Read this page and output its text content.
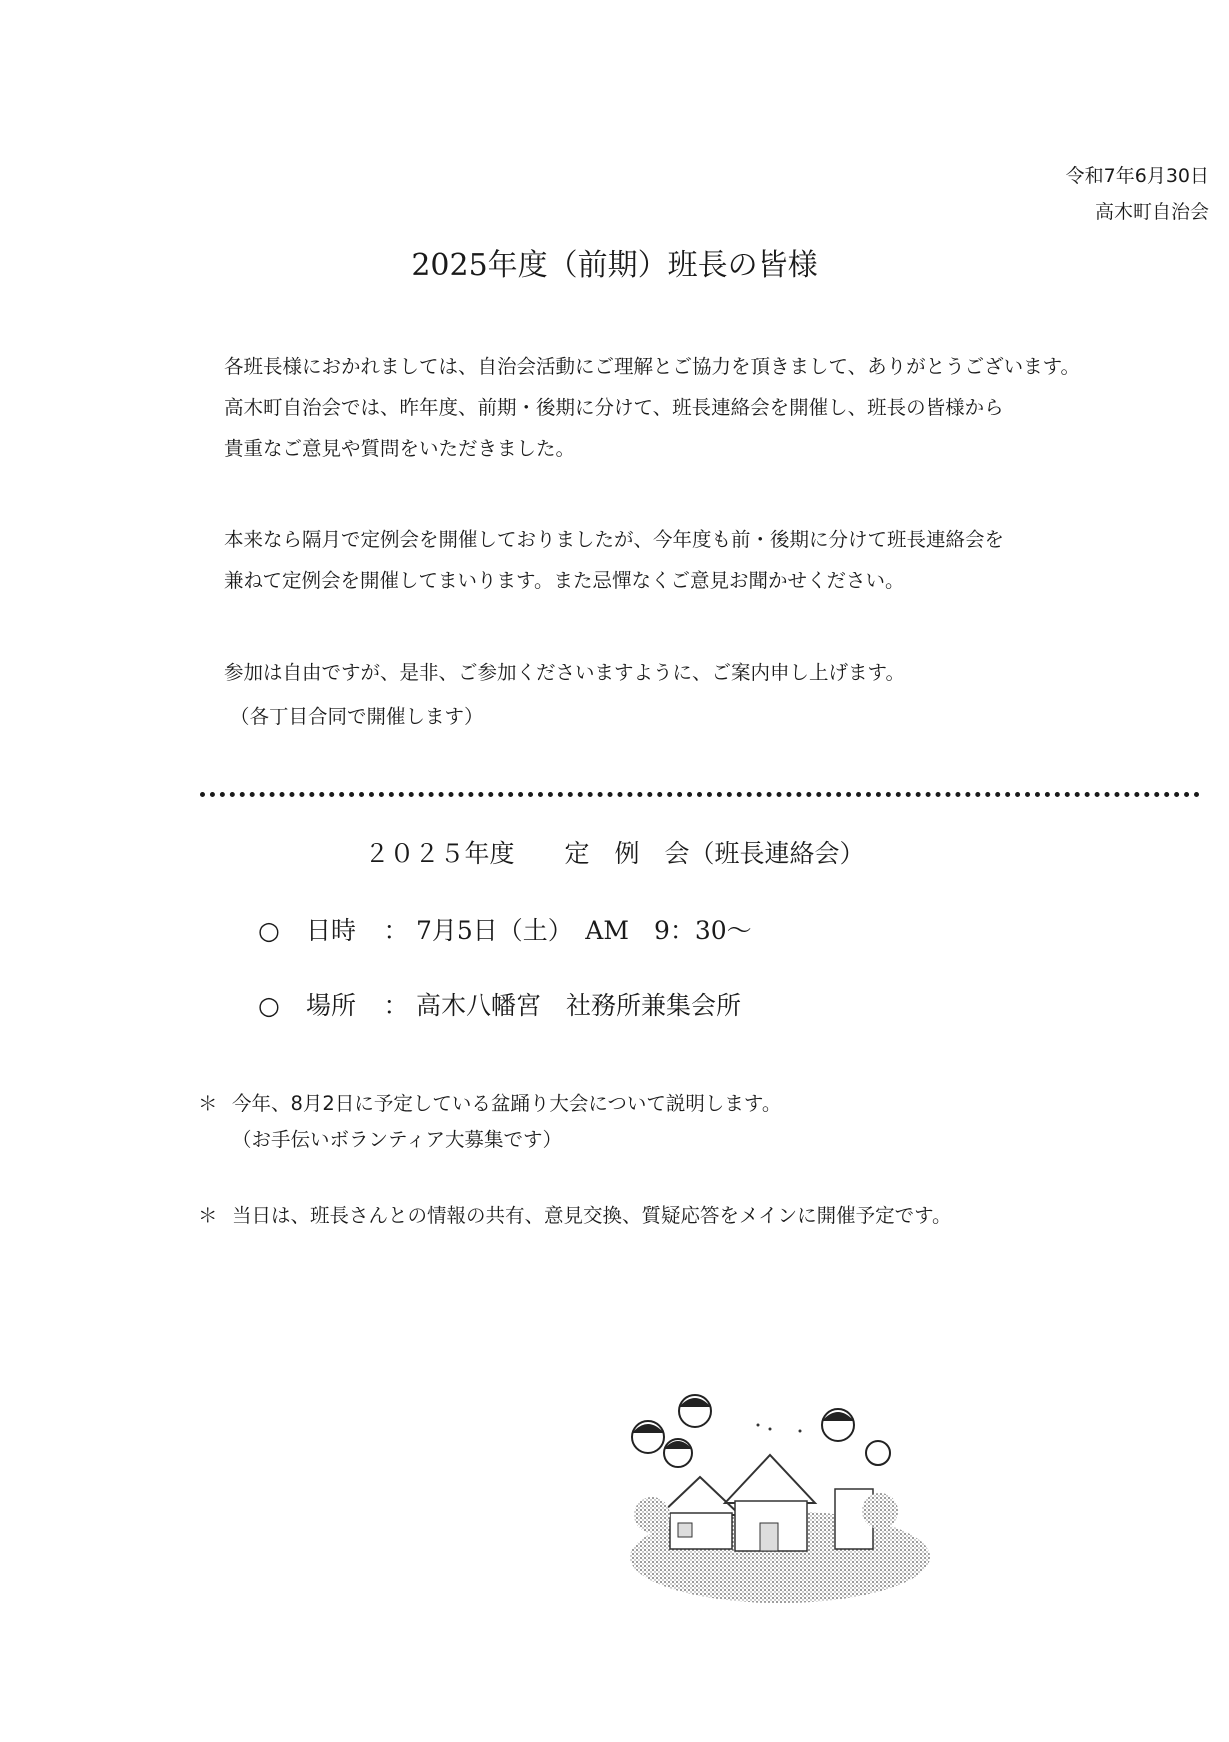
令和7年6月30日
高木町自治会
2025年度（前期）班長の皆様
各班長様におかれましては、自治会活動にご理解とご協力を頂きまして、ありがとうございます。
高木町自治会では、昨年度、前期・後期に分けて、班長連絡会を開催し、班長の皆様から
貴重なご意見や質問をいただきました。
本来なら隔月で定例会を開催しておりましたが、今年度も前・後期に分けて班長連絡会を
兼ねて定例会を開催してまいります。また忌憚なくご意見お聞かせください。
参加は自由ですが、是非、ご参加くださいますように、ご案内申し上げます。
（各丁目合同で開催します）
２０２５年度　　定　例　会（班長連絡会）
○ 日時 ： 7月5日（土）　AM　9：30～
○ 場所 ： 高木八幡宮　社務所兼集会所
＊ 今年、8月2日に予定している盆踊り大会について説明します。
（お手伝いボランティア大募集です）
＊ 当日は、班長さんとの情報の共有、意見交換、質疑応答をメインに開催予定です。
